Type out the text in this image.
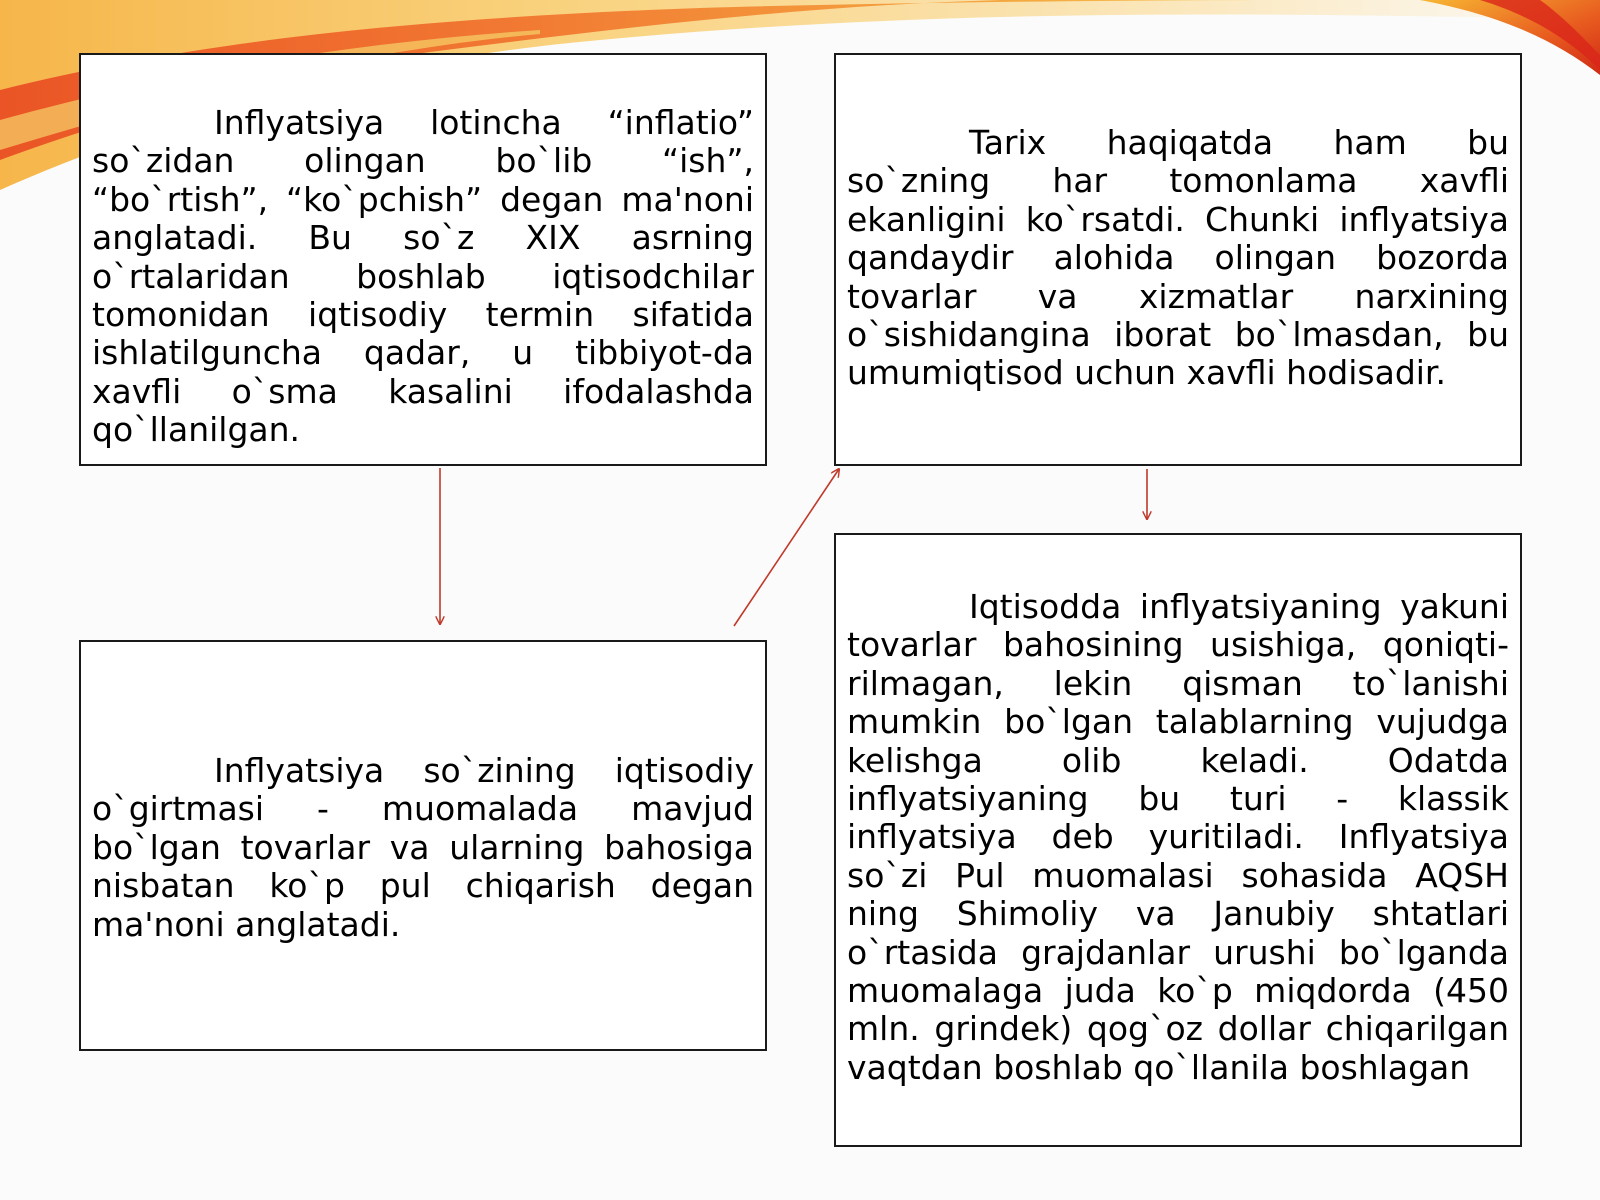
Inflyatsiya lotincha “inflatio” so`zidan olingan bo`lib “ish”, “bo`rtish”, “ko`pchish” degan ma'noni anglatadi. Bu so`z XIX asrning o`rtalaridan boshlab iqtisodchilar tomonidan iqtisodiy termin sifatida ishlatilguncha qadar, u tibbiyot-da xavfli o`sma kasalini ifodalashda qo`llanilgan.

Tarix haqiqatda ham bu so`zning har tomonlama xavfli ekanligini ko`rsatdi. Chunki inflyatsiya qandaydir alohida olingan bozorda tovarlar va xizmatlar narxining o`sishidangina iborat bo`lmasdan, bu umumiqtisod uchun xavfli hodisadir.

Inflyatsiya so`zining iqtisodiy o`girtmasi - muomalada mavjud bo`lgan tovarlar va ularning bahosiga nisbatan ko`p pul chiqarish degan ma'noni anglatadi.

Iqtisodda inflyatsiyaning yakuni tovarlar bahosining usishiga, qoniqti-rilmagan, lekin qisman to`lanishi mumkin bo`lgan talablarning vujudga kelishga olib keladi. Odatda inflyatsiyaning bu turi - klassik inflyatsiya deb yuritiladi. Inflyatsiya so`zi Pul muomalasi sohasida AQSH ning Shimoliy va Janubiy shtatlari o`rtasida grajdanlar urushi bo`lganda muomalaga juda ko`p miqdorda (450 mln. grindek) qog`oz dollar chiqarilgan vaqtdan boshlab qo`llanila boshlagan
